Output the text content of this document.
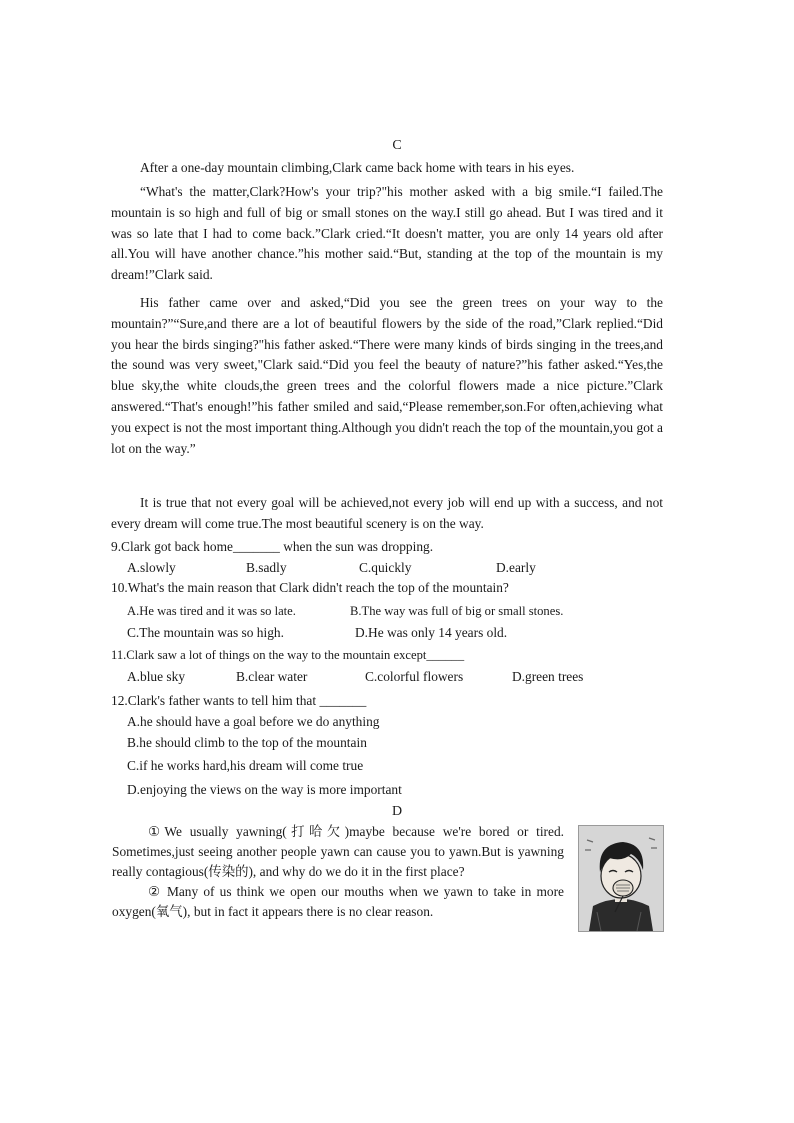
C
After a one-day mountain climbing,Clark came back home with tears in his eyes.
“What's the matter,Clark?How's your trip?"his mother asked with a big smile.“I failed.The mountain is so high and full of big or small stones on the way.I still go ahead. But I was tired and it was so late that I had to come back.”Clark cried.“It doesn't matter, you are only 14 years old after all.You will have another chance.”his mother said.“But, standing at the top of the mountain is my dream!”Clark said.
His father came over and asked,“Did you see the green trees on your way to the mountain?”“Sure,and there are a lot of beautiful flowers by the side of the road,”Clark replied.“Did you hear the birds singing?"his father asked.“There were many kinds of birds singing in the trees,and the sound was very sweet,"Clark said.“Did you feel the beauty of nature?”his father asked.“Yes,the blue sky,the white clouds,the green trees and the colorful flowers made a nice picture.”Clark answered.“That's enough!”his father smiled and said,“Please remember,son.For often,achieving what you expect is not the most important thing.Although you didn't reach the top of the mountain,you got a lot on the way.”
It is true that not every goal will be achieved,not every job will end up with a success, and not every dream will come true.The most beautiful scenery is on the way.
9.Clark got back home_______ when the sun was dropping.
A.slowly	B.sadly	C.quickly	D.early
10.What's the main reason that Clark didn't reach the top of the mountain?
A.He was tired and it was so late.	B.The way was full of big or small stones.
C.The mountain was so high.	D.He was only 14 years old.
11.Clark saw a lot of things on the way to the mountain except______
A.blue sky	B.clear water	C.colorful flowers	D.green trees
12.Clark's father wants to tell him that _______
A.he should have a goal before we do anything
B.he should climb to the top of the mountain
C.if he works hard,his dream will come true
D.enjoying the views on the way is more important
D
①We usually yawning(打哈欠)maybe because we're bored or tired. Sometimes,just seeing another people yawn can cause you to yawn.But is yawning really contagious(传染的), and why do we do it in the first place?
② Many of us think we open our mouths when we yawn to take in more oxygen(氧气), but in fact it appears there is no clear reason.
